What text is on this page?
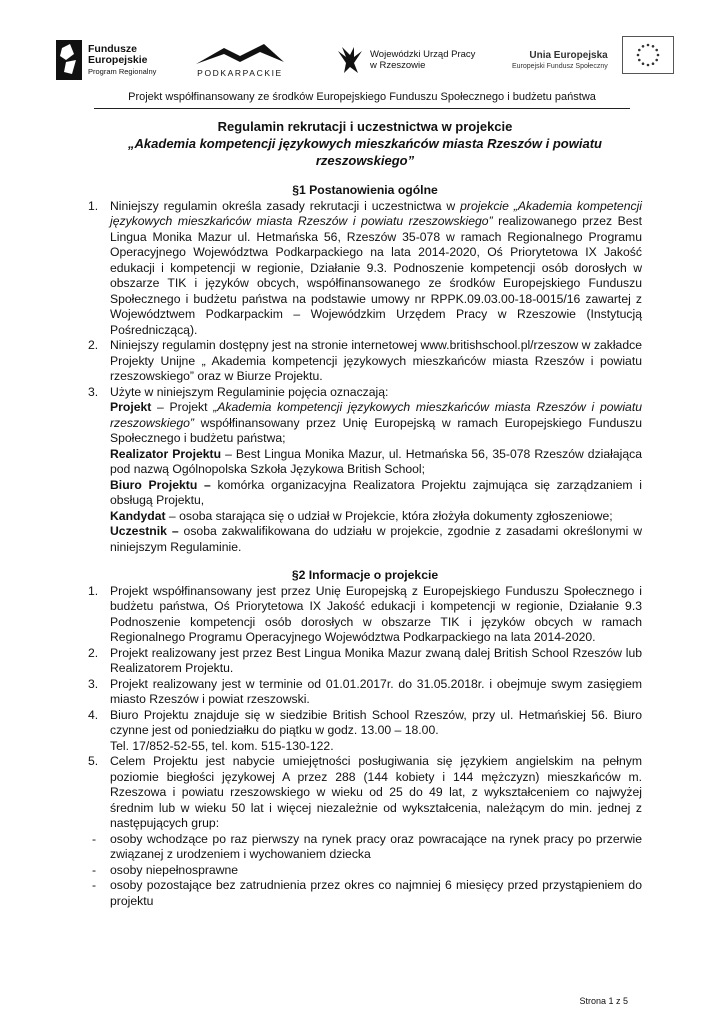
Fundusze
Europejskie
Program Regionalny	PODKARPACKIE
Wojewódzki Urząd Pracy
w Rzeszowie
Unia Europejska
Europejski Fundusz Społeczny
Projekt współfinansowany ze środków Europejskiego Funduszu Społecznego i budżetu państwa
Regulamin rekrutacji i uczestnictwa w projekcie
„Akademia kompetencji językowych mieszkańców miasta Rzeszów i powiatu rzeszowskiego”
§1 Postanowienia ogólne
1. Niniejszy regulamin określa zasady rekrutacji i uczestnictwa w projekcie „Akademia kompetencji językowych mieszkańców miasta Rzeszów i powiatu rzeszowskiego” realizowanego przez Best Lingua Monika Mazur ul. Hetmańska 56, Rzeszów 35-078 w ramach Regionalnego Programu Operacyjnego Województwa Podkarpackiego na lata 2014-2020, Oś Priorytetowa IX Jakość edukacji i kompetencji w regionie, Działanie 9.3. Podnoszenie kompetencji osób dorosłych w obszarze TIK i języków obcych, współfinansowanego ze środków Europejskiego Funduszu Społecznego i budżetu państwa na podstawie umowy nr RPPK.09.03.00-18-0015/16 zawartej z Województwem Podkarpackim – Wojewódzkim Urzędem Pracy w Rzeszowie (Instytucją Pośredniczącą).
2. Niniejszy regulamin dostępny jest na stronie internetowej www.britishschool.pl/rzeszow w zakładce Projekty Unijne „ Akademia kompetencji językowych mieszkańców miasta Rzeszów i powiatu rzeszowskiego” oraz w Biurze Projektu.
3. Użyte w niniejszym Regulaminie pojęcia oznaczają:
Projekt – Projekt „Akademia kompetencji językowych mieszkańców miasta Rzeszów i powiatu rzeszowskiego” współfinansowany przez Unię Europejską w ramach Europejskiego Funduszu Społecznego i budżetu państwa;
Realizator Projektu – Best Lingua Monika Mazur, ul. Hetmańska 56, 35-078 Rzeszów działająca pod nazwą Ogólnopolska Szkoła Językowa British School;
Biuro Projektu – komórka organizacyjna Realizatora Projektu zajmująca się zarządzaniem i obsługą Projektu,
Kandydat – osoba starająca się o udział w Projekcie, która złożyła dokumenty zgłoszeniowe;
Uczestnik – osoba zakwalifikowana do udziału w projekcie, zgodnie z zasadami określonymi w niniejszym Regulaminie.
§2 Informacje o projekcie
1. Projekt współfinansowany jest przez Unię Europejską z Europejskiego Funduszu Społecznego i budżetu państwa, Oś Priorytetowa IX Jakość edukacji i kompetencji w regionie, Działanie 9.3 Podnoszenie kompetencji osób dorosłych w obszarze TIK i języków obcych w ramach Regionalnego Programu Operacyjnego Województwa Podkarpackiego na lata 2014-2020.
2. Projekt realizowany jest przez Best Lingua Monika Mazur zwaną dalej British School Rzeszów lub Realizatorem Projektu.
3. Projekt realizowany jest w terminie od 01.01.2017r. do 31.05.2018r. i obejmuje swym zasięgiem miasto Rzeszów i powiat rzeszowski.
4. Biuro Projektu znajduje się w siedzibie British School Rzeszów, przy ul. Hetmańskiej 56. Biuro czynne jest od poniedziałku do piątku w godz. 13.00 – 18.00.
Tel. 17/852-52-55, tel. kom. 515-130-122.
5. Celem Projektu jest nabycie umiejętności posługiwania się językiem angielskim na pełnym poziomie biegłości językowej A przez 288 (144 kobiety i 144 mężczyzn) mieszkańców m. Rzeszowa i powiatu rzeszowskiego w wieku od 25 do 49 lat, z wykształceniem co najwyżej średnim lub w wieku 50 lat i więcej niezależnie od wykształcenia, należącym do min. jednej z następujących grup:
- osoby wchodzące po raz pierwszy na rynek pracy oraz powracające na rynek pracy po przerwie związanej z urodzeniem i wychowaniem dziecka
- osoby niepełnosprawne
- osoby pozostające bez zatrudnienia przez okres co najmniej 6 miesięcy przed przystąpieniem do projektu
Strona 1 z 5
